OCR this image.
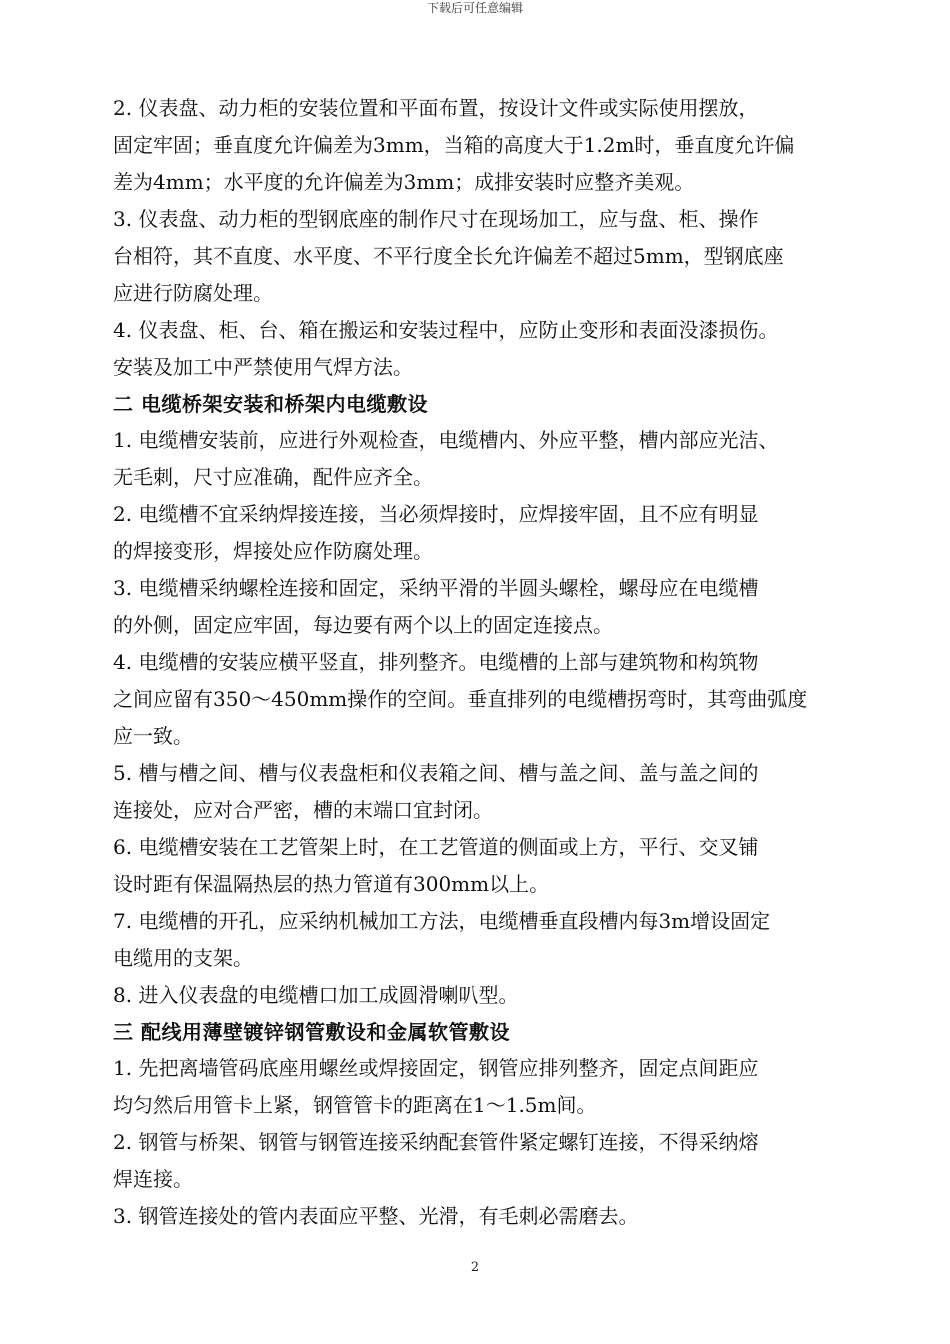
下载后可任意编辑
2. 仪表盘、动力柜的安装位置和平面布置，按设计文件或实际使用摆放，
固定牢固；垂直度允许偏差为3mm，当箱的高度大于1.2m时，垂直度允许偏
差为4mm；水平度的允许偏差为3mm；成排安装时应整齐美观。
3. 仪表盘、动力柜的型钢底座的制作尺寸在现场加工，应与盘、柜、操作
台相符，其不直度、水平度、不平行度全长允许偏差不超过5mm，型钢底座
应进行防腐处理。
4. 仪表盘、柜、台、箱在搬运和安装过程中，应防止变形和表面没漆损伤。
安装及加工中严禁使用气焊方法。
二 电缆桥架安装和桥架内电缆敷设
1. 电缆槽安装前，应进行外观检查，电缆槽内、外应平整，槽内部应光洁、
无毛刺，尺寸应准确，配件应齐全。
2. 电缆槽不宜采纳焊接连接，当必须焊接时，应焊接牢固，且不应有明显
的焊接变形，焊接处应作防腐处理。
3. 电缆槽采纳螺栓连接和固定，采纳平滑的半圆头螺栓，螺母应在电缆槽
的外侧，固定应牢固，每边要有两个以上的固定连接点。
4. 电缆槽的安装应横平竖直，排列整齐。电缆槽的上部与建筑物和构筑物
之间应留有350～450mm操作的空间。垂直排列的电缆槽拐弯时，其弯曲弧度
应一致。
5. 槽与槽之间、槽与仪表盘柜和仪表箱之间、槽与盖之间、盖与盖之间的
连接处，应对合严密，槽的末端口宜封闭。
6. 电缆槽安装在工艺管架上时，在工艺管道的侧面或上方，平行、交叉铺
设时距有保温隔热层的热力管道有300mm以上。
7. 电缆槽的开孔，应采纳机械加工方法，电缆槽垂直段槽内每3m增设固定
电缆用的支架。
8. 进入仪表盘的电缆槽口加工成圆滑喇叭型。
三 配线用薄壁镀锌钢管敷设和金属软管敷设
1. 先把离墙管码底座用螺丝或焊接固定，钢管应排列整齐，固定点间距应
均匀然后用管卡上紧，钢管管卡的距离在1～1.5m间。
2. 钢管与桥架、钢管与钢管连接采纳配套管件紧定螺钉连接，不得采纳熔
焊连接。
3. 钢管连接处的管内表面应平整、光滑，有毛刺必需磨去。
2
